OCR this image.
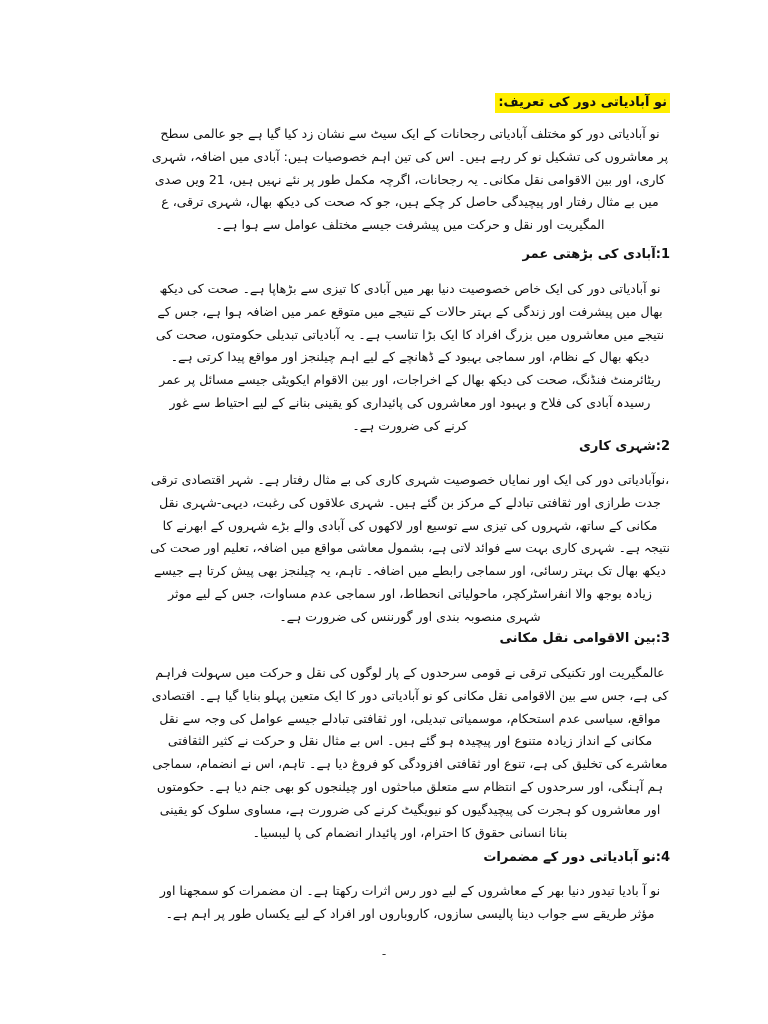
نو آبادیاتی دور کی تعریف:
نو آبادیاتی دور کو مختلف آبادیاتی رجحانات کے ایک سیٹ سے نشان زد کیا گیا ہے جو عالمی سطح
پر معاشروں کی تشکیل نو کر رہے ہیں۔ اس کی تین اہم خصوصیات ہیں: آبادی میں اضافہ، شہری
کاری، اور بین الاقوامی نقل مکانی۔ یہ رجحانات، اگرچہ مکمل طور پر نئے نہیں ہیں، 21 ویں صدی
میں بے مثال رفتار اور پیچیدگی حاصل کر چکے ہیں، جو کہ صحت کی دیکھ بھال، شہری ترقی، ع
المگیریت اور نقل و حرکت میں پیشرفت جیسے مختلف عوامل سے ہوا ہے۔
1:آبادی کی بڑھتی عمر
نو آبادیاتی دور کی ایک خاص خصوصیت دنیا بھر میں آبادی کا تیزی سے بڑھاپا ہے۔ صحت کی دیکھ
بھال میں پیشرفت اور زندگی کے بہتر حالات کے نتیجے میں متوقع عمر میں اضافہ ہوا ہے، جس کے
نتیجے میں معاشروں میں بزرگ افراد کا ایک بڑا تناسب ہے۔ یہ آبادیاتی تبدیلی حکومتوں، صحت کی
دیکھ بھال کے نظام، اور سماجی بہبود کے ڈھانچے کے لیے اہم چیلنجز اور مواقع پیدا کرتی ہے۔
ریٹائرمنٹ فنڈنگ، صحت کی دیکھ بھال کے اخراجات، اور بین الاقوام ایکویٹی جیسے مسائل پر عمر
رسیدہ آبادی کی فلاح و بہبود اور معاشروں کی پائیداری کو یقینی بنانے کے لیے احتیاط سے غور
کرنے کی ضرورت ہے۔
2:شہری کاری
،نوآبادیاتی دور کی ایک اور نمایاں خصوصیت شہری کاری کی بے مثال رفتار ہے۔ شہر اقتصادی ترقی
جدت طرازی اور ثقافتی تبادلے کے مرکز بن گئے ہیں۔ شہری علاقوں کی رغبت، دیہی-شہری نقل
مکانی کے ساتھ، شہروں کی تیزی سے توسیع اور لاکھوں کی آبادی والے بڑے شہروں کے ابھرنے کا
نتیجہ ہے۔ شہری کاری بہت سے فوائد لاتی ہے، بشمول معاشی مواقع میں اضافہ، تعلیم اور صحت کی
دیکھ بھال تک بہتر رسائی، اور سماجی رابطے میں اضافہ۔ تاہم، یہ چیلنجز بھی پیش کرتا ہے جیسے
زیادہ بوجھ والا انفراسٹرکچر، ماحولیاتی انحطاط، اور سماجی عدم مساوات، جس کے لیے موثر
شہری منصوبہ بندی اور گورننس کی ضرورت ہے۔
3:بین الاقوامی نقل مکانی
عالمگیریت اور تکنیکی ترقی نے قومی سرحدوں کے پار لوگوں کی نقل و حرکت میں سہولت فراہم
کی ہے، جس سے بین الاقوامی نقل مکانی کو نو آبادیاتی دور کا ایک متعین پہلو بنایا گیا ہے۔ اقتصادی
مواقع، سیاسی عدم استحکام، موسمیاتی تبدیلی، اور ثقافتی تبادلے جیسے عوامل کی وجہ سے نقل
مکانی کے انداز زیادہ متنوع اور پیچیدہ ہو گئے ہیں۔ اس بے مثال نقل و حرکت نے کثیر الثقافتی
معاشرے کی تخلیق کی ہے، تنوع اور ثقافتی افزودگی کو فروغ دیا ہے۔ تاہم، اس نے انضمام، سماجی
ہم آہنگی، اور سرحدوں کے انتظام سے متعلق مباحثوں اور چیلنجوں کو بھی جنم دیا ہے۔ حکومتوں
اور معاشروں کو ہجرت کی پیچیدگیوں کو نیویگیٹ کرنے کی ضرورت ہے، مساوی سلوک کو یقینی
بنانا انسانی حقوق کا احترام، اور پائیدار انضمام کی پا لیبسیا۔
4:نو آبادیاتی دور کے مضمرات
نو آ بادیا تیدور دنیا بھر کے معاشروں کے لیے دور رس اثرات رکھتا ہے۔ ان مضمرات کو سمجھنا اور
مؤثر طریقے سے جواب دینا پالیسی سازوں، کاروباروں اور افراد کے لیے یکساں طور پر اہم ہے۔
-
